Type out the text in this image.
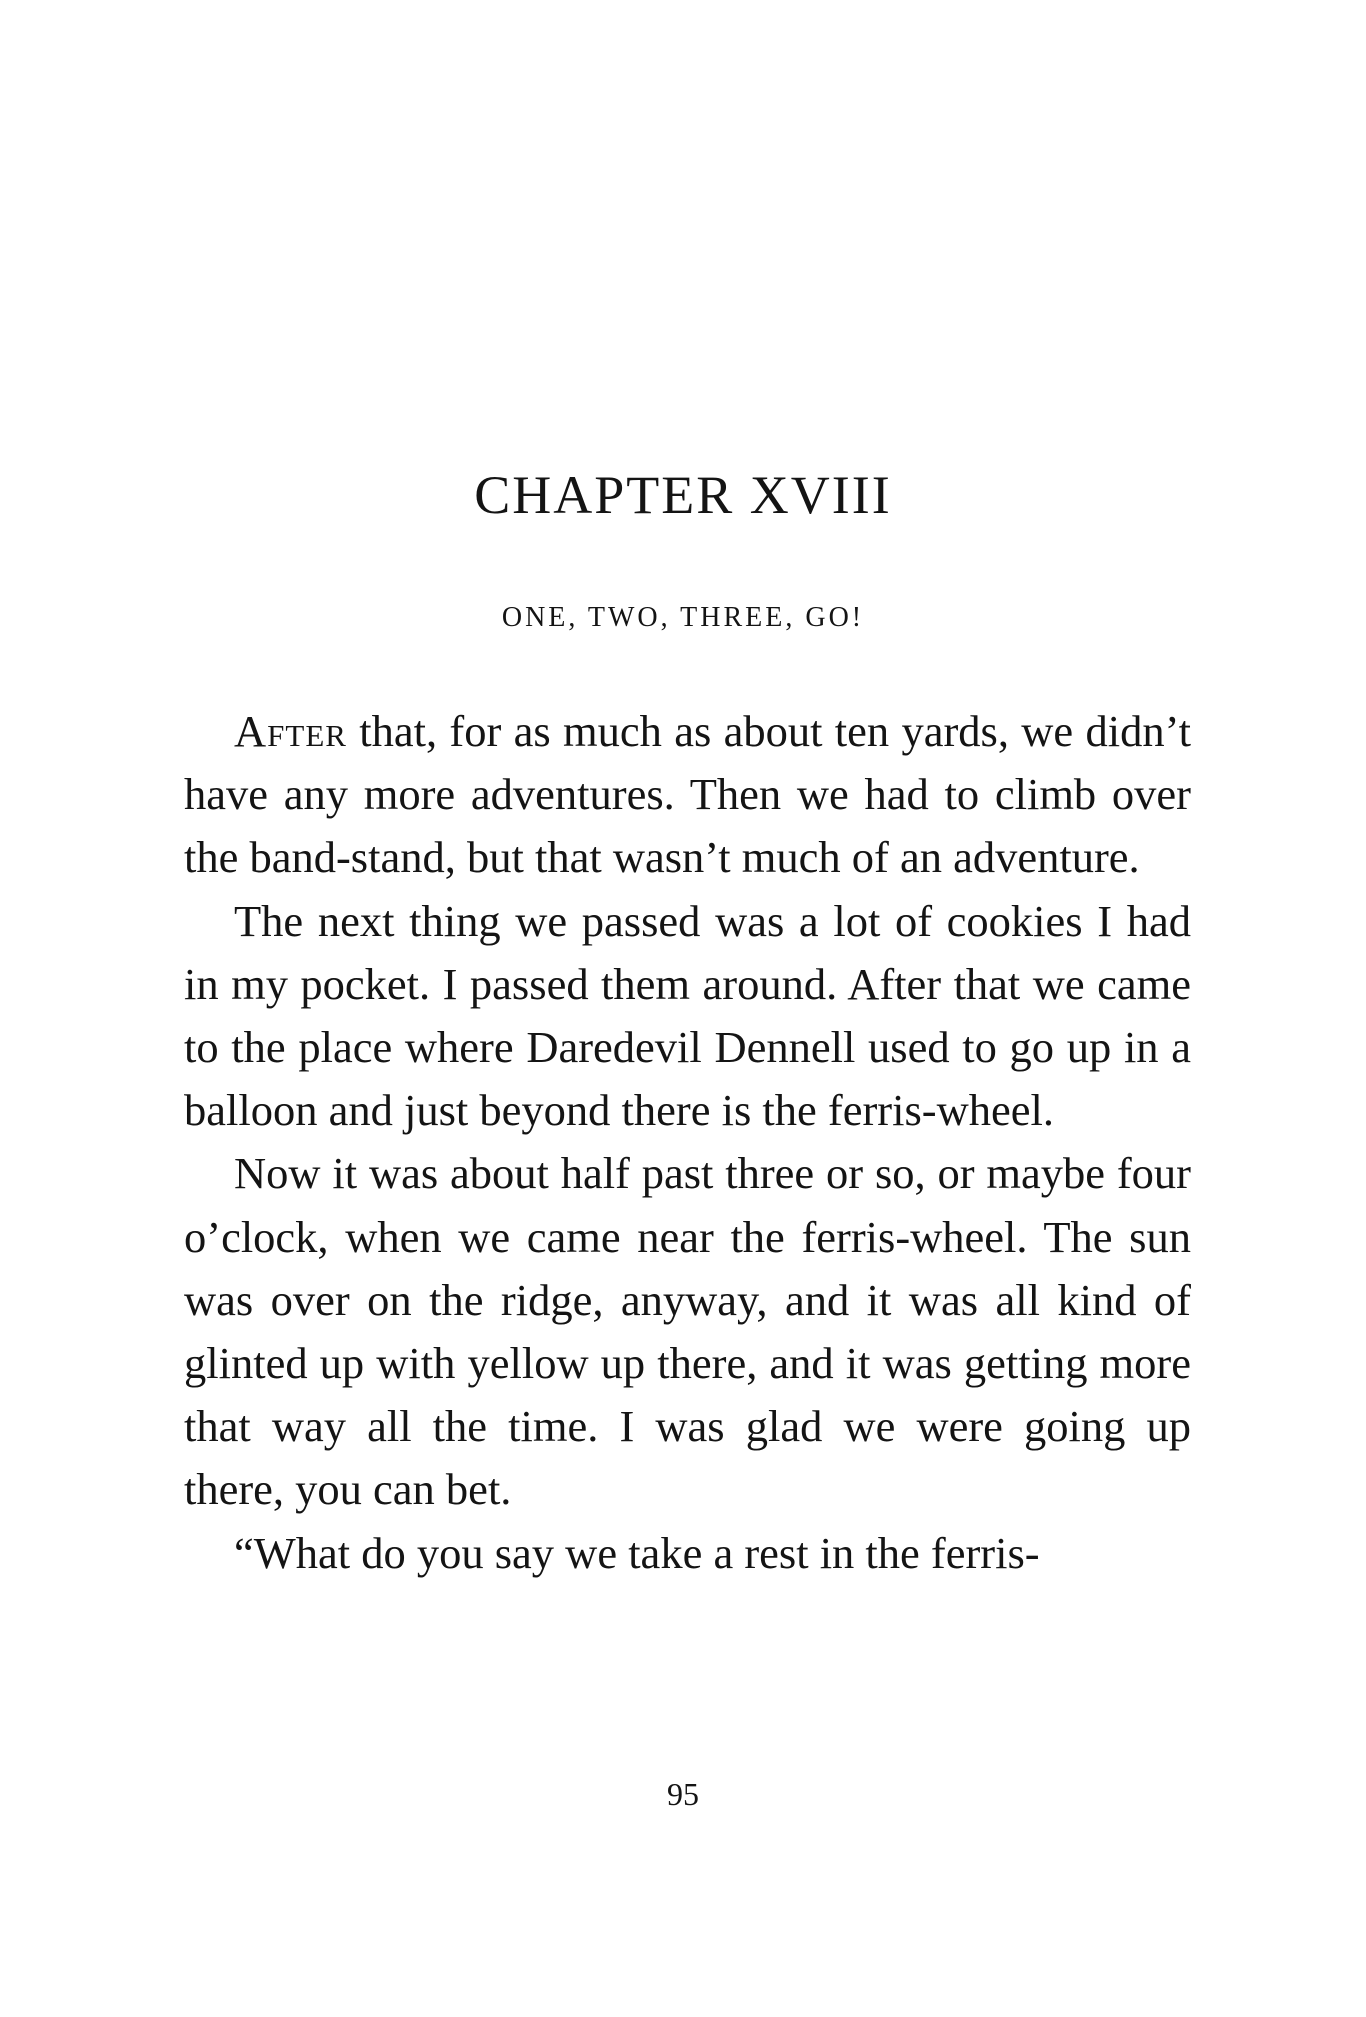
CHAPTER XVIII
ONE, TWO, THREE, GO!

After that, for as much as about ten yards, we didn’t have any more adventures. Then we had to climb over the band-stand, but that wasn’t much of an adventure.

The next thing we passed was a lot of cookies I had in my pocket. I passed them around. After that we came to the place where Daredevil Dennell used to go up in a balloon and just beyond there is the ferris-wheel.

Now it was about half past three or so, or maybe four o’clock, when we came near the ferris-wheel. The sun was over on the ridge, anyway, and it was all kind of glinted up with yellow up there, and it was getting more that way all the time. I was glad we were going up there, you can bet.

“What do you say we take a rest in the ferris-

95
